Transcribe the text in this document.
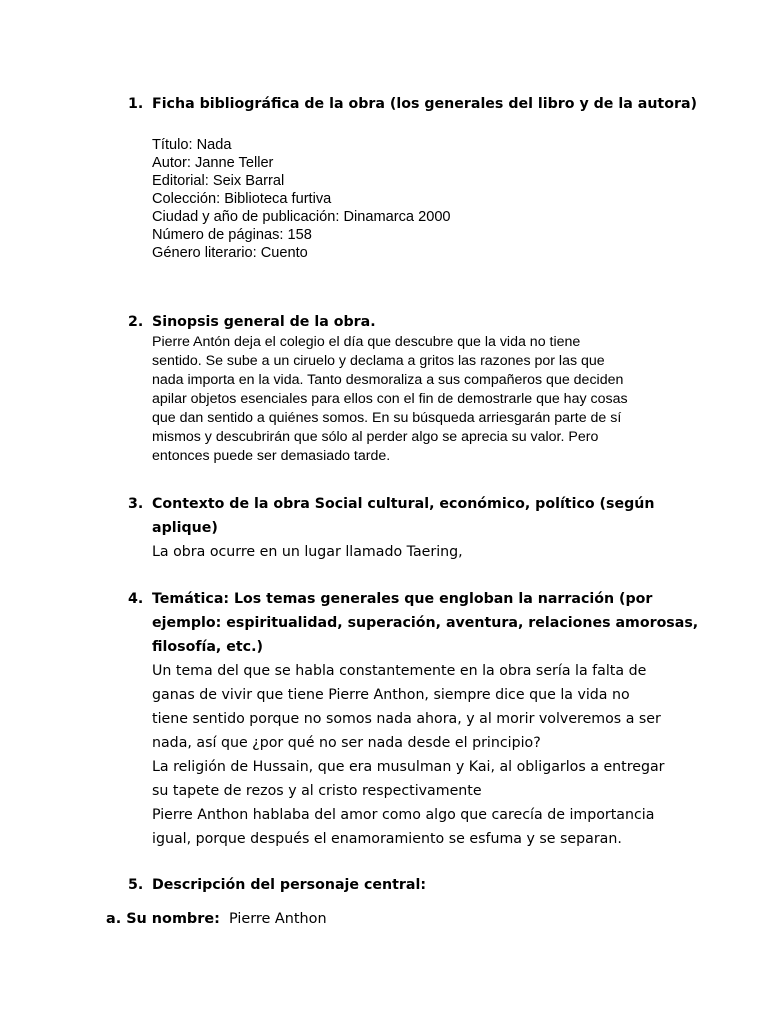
1. Ficha bibliográfica de la obra (los generales del libro y de la autora)
Título: Nada
Autor: Janne Teller
Editorial: Seix Barral
Colección: Biblioteca furtiva
Ciudad y año de publicación: Dinamarca 2000
Número de páginas: 158
Género literario: Cuento
2. Sinopsis general de la obra.
Pierre Antón deja el colegio el día que descubre que la vida no tiene
sentido. Se sube a un ciruelo y declama a gritos las razones por las que
nada importa en la vida. Tanto desmoraliza a sus compañeros que deciden
apilar objetos esenciales para ellos con el fin de demostrarle que hay cosas
que dan sentido a quiénes somos. En su búsqueda arriesgarán parte de sí
mismos y descubrirán que sólo al perder algo se aprecia su valor. Pero
entonces puede ser demasiado tarde.
3. Contexto de la obra Social cultural, económico, político (según
aplique)
La obra ocurre en un lugar llamado Taering,
4. Temática: Los temas generales que engloban la narración (por
ejemplo: espiritualidad, superación, aventura, relaciones amorosas,
filosofía, etc.)
Un tema del que se habla constantemente en la obra sería la falta de
ganas de vivir que tiene Pierre Anthon, siempre dice que la vida no
tiene sentido porque no somos nada ahora, y al morir volveremos a ser
nada, así que ¿por qué no ser nada desde el principio?
La religión de Hussain, que era musulman y Kai, al obligarlos a entregar
su tapete de rezos y al cristo respectivamente
Pierre Anthon hablaba del amor como algo que carecía de importancia
igual, porque después el enamoramiento se esfuma y se separan.
5. Descripción del personaje central:
a. Su nombre:  Pierre Anthon
